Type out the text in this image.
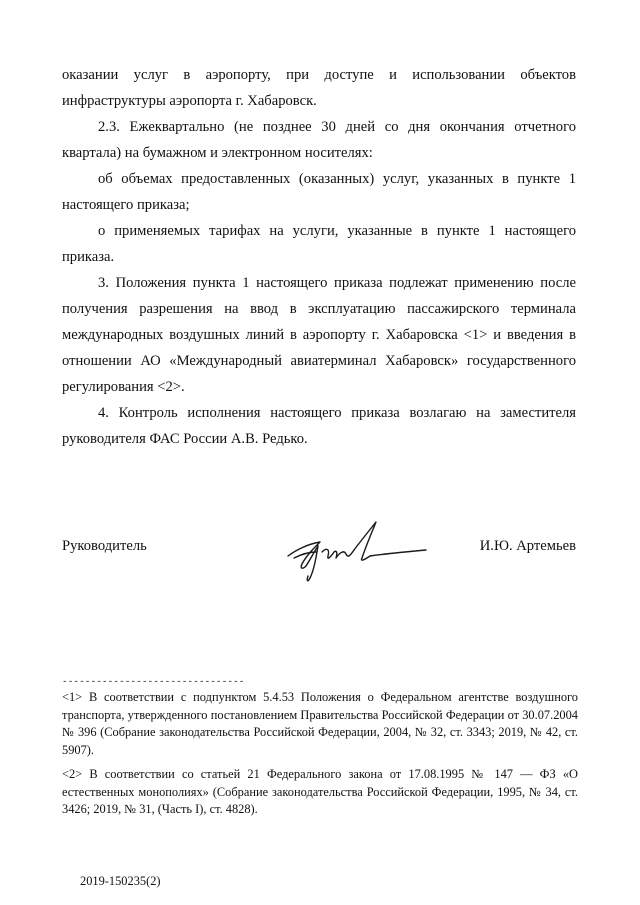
оказании услуг в аэропорту, при доступе и использовании объектов инфраструктуры аэропорта г. Хабаровск.

2.3. Ежеквартально (не позднее 30 дней со дня окончания отчетного квартала) на бумажном и электронном носителях:

об объемах предоставленных (оказанных) услуг, указанных в пункте 1 настоящего приказа;

о применяемых тарифах на услуги, указанные в пункте 1 настоящего приказа.

3. Положения пункта 1 настоящего приказа подлежат применению после получения разрешения на ввод в эксплуатацию пассажирского терминала международных воздушных линий в аэропорту г. Хабаровска <1> и введения в отношении АО «Международный авиатерминал Хабаровск» государственного регулирования <2>.

4. Контроль исполнения настоящего приказа возлагаю на заместителя руководителя ФАС России А.В. Редько.

Руководитель	И.Ю. Артемьев
--------------------------------

<1> В соответствии с подпунктом 5.4.53 Положения о Федеральном агентстве воздушного транспорта, утвержденного постановлением Правительства Российской Федерации от 30.07.2004 № 396 (Собрание законодательства Российской Федерации, 2004, № 32, ст. 3343; 2019, № 42, ст. 5907).

<2> В соответствии со статьей 21 Федерального закона от 17.08.1995 № 147 — ФЗ «О естественных монополиях» (Собрание законодательства Российской Федерации, 1995, № 34, ст. 3426; 2019, № 31, (Часть I), ст. 4828).

2019-150235(2)
